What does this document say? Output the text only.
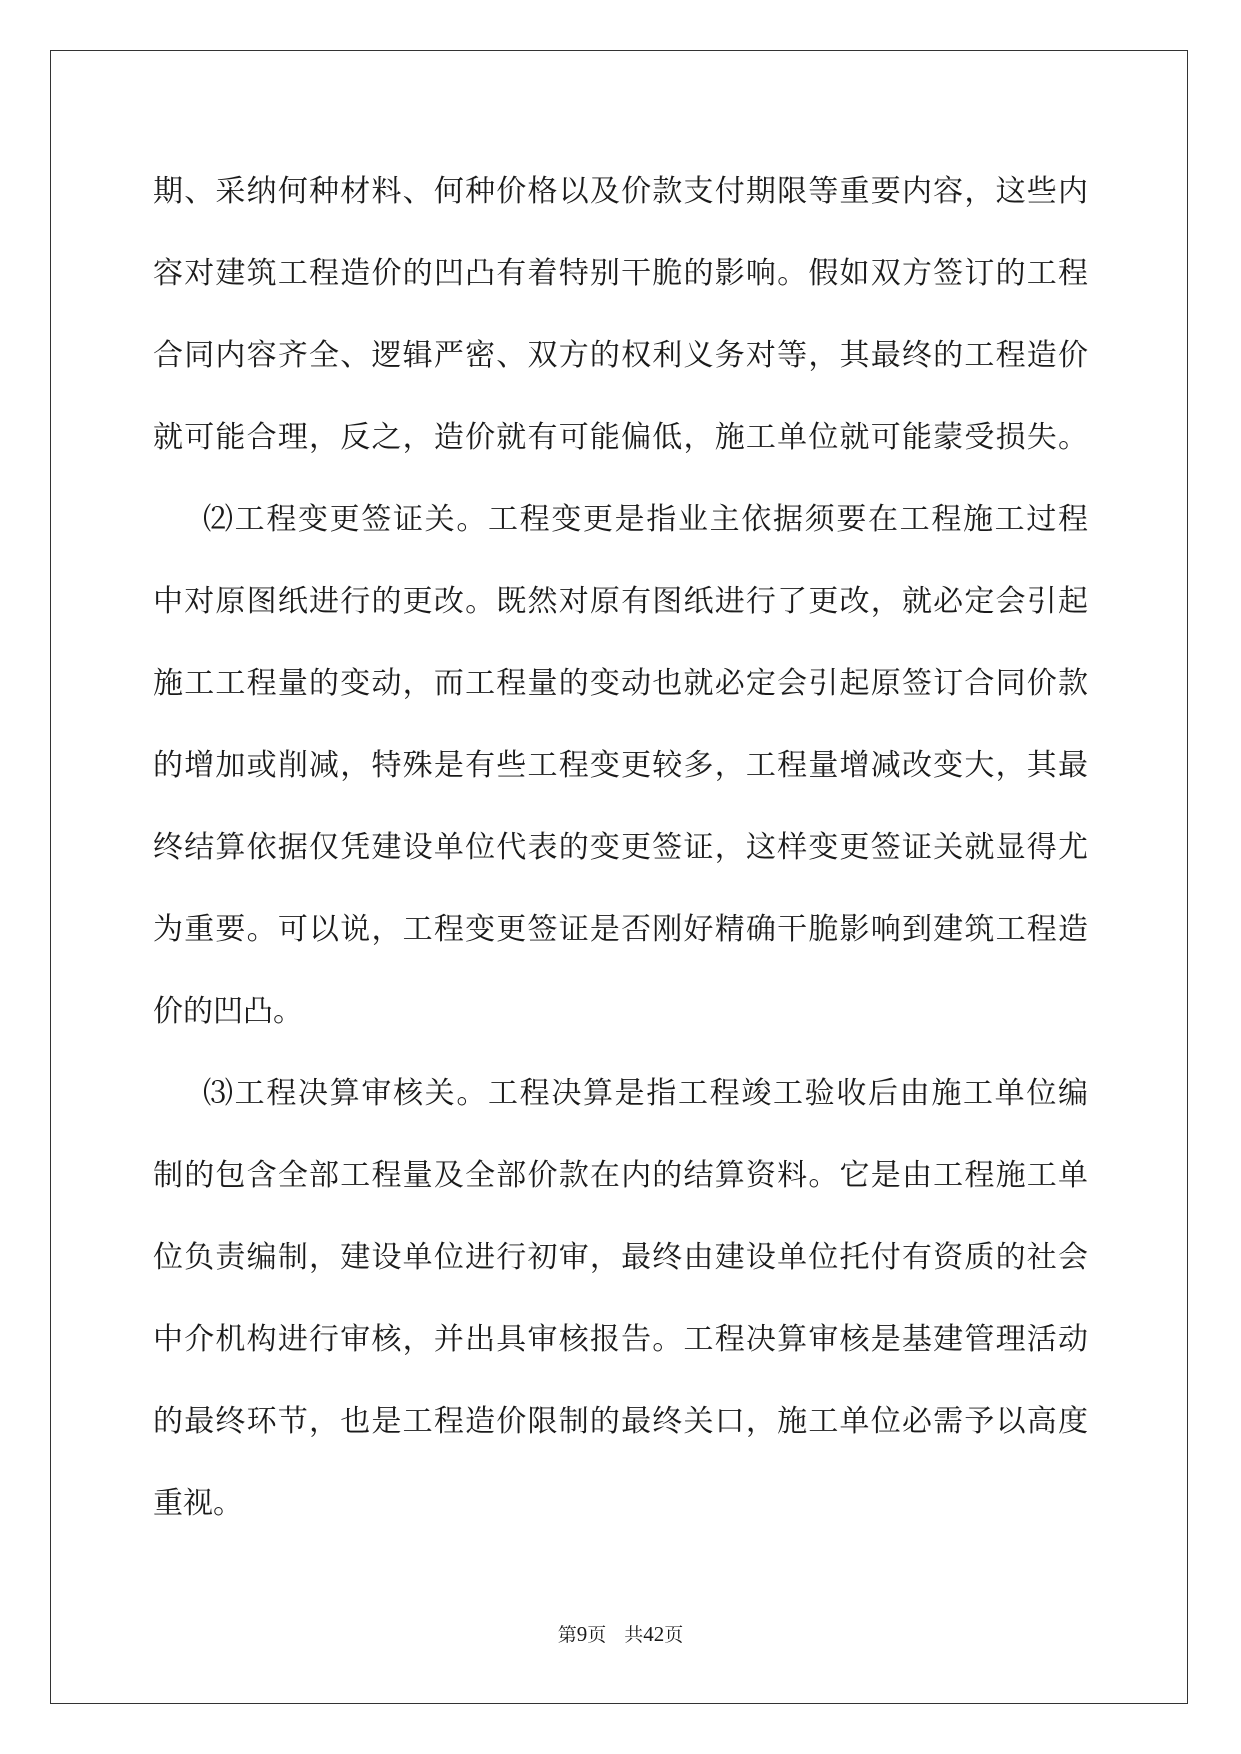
期、采纳何种材料、何种价格以及价款支付期限等重要内容，这些内
容对建筑工程造价的凹凸有着特别干脆的影响。假如双方签订的工程
合同内容齐全、逻辑严密、双方的权利义务对等，其最终的工程造价
就可能合理，反之，造价就有可能偏低，施工单位就可能蒙受损失。
⑵工程变更签证关。工程变更是指业主依据须要在工程施工过程
中对原图纸进行的更改。既然对原有图纸进行了更改，就必定会引起
施工工程量的变动，而工程量的变动也就必定会引起原签订合同价款
的增加或削减，特殊是有些工程变更较多，工程量增减改变大，其最
终结算依据仅凭建设单位代表的变更签证，这样变更签证关就显得尤
为重要。可以说，工程变更签证是否刚好精确干脆影响到建筑工程造
价的凹凸。
⑶工程决算审核关。工程决算是指工程竣工验收后由施工单位编
制的包含全部工程量及全部价款在内的结算资料。它是由工程施工单
位负责编制，建设单位进行初审，最终由建设单位托付有资质的社会
中介机构进行审核，并出具审核报告。工程决算审核是基建管理活动
的最终环节，也是工程造价限制的最终关口，施工单位必需予以高度
重视。
第9页 共42页
